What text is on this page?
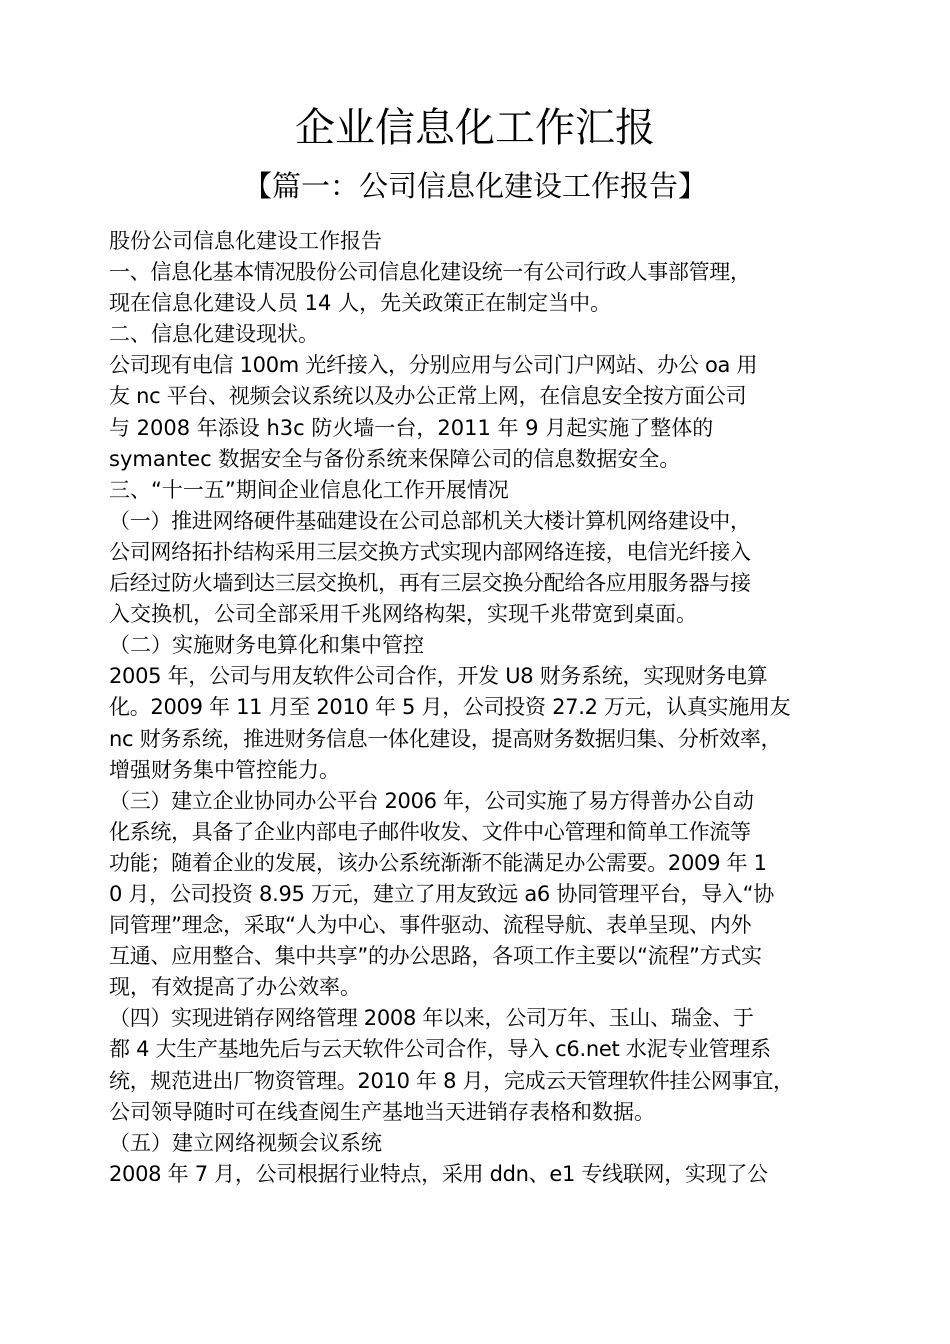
企业信息化工作汇报
【篇一：公司信息化建设工作报告】
股份公司信息化建设工作报告
一、信息化基本情况股份公司信息化建设统一有公司行政人事部管理，
现在信息化建设人员 14 人，先关政策正在制定当中。
二、信息化建设现状。
公司现有电信 100m 光纤接入，分别应用与公司门户网站、办公 oa 用
友 nc 平台、视频会议系统以及办公正常上网，在信息安全按方面公司
与 2008 年添设 h3c 防火墙一台，2011 年 9 月起实施了整体的
symantec 数据安全与备份系统来保障公司的信息数据安全。
三、“十一五”期间企业信息化工作开展情况
（一）推进网络硬件基础建设在公司总部机关大楼计算机网络建设中，
公司网络拓扑结构采用三层交换方式实现内部网络连接，电信光纤接入
后经过防火墙到达三层交换机，再有三层交换分配给各应用服务器与接
入交换机，公司全部采用千兆网络构架，实现千兆带宽到桌面。
（二）实施财务电算化和集中管控
2005 年，公司与用友软件公司合作，开发 U8 财务系统，实现财务电算
化。2009 年 11 月至 2010 年 5 月，公司投资 27.2 万元，认真实施用友
nc 财务系统，推进财务信息一体化建设，提高财务数据归集、分析效率，
增强财务集中管控能力。
（三）建立企业协同办公平台 2006 年，公司实施了易方得普办公自动
化系统，具备了企业内部电子邮件收发、文件中心管理和简单工作流等
功能；随着企业的发展，该办公系统渐渐不能满足办公需要。2009 年 1
0 月，公司投资 8.95 万元，建立了用友致远 a6 协同管理平台，导入“协
同管理”理念，采取“人为中心、事件驱动、流程导航、表单呈现、内外
互通、应用整合、集中共享”的办公思路，各项工作主要以“流程”方式实
现，有效提高了办公效率。
（四）实现进销存网络管理 2008 年以来，公司万年、玉山、瑞金、于
都 4 大生产基地先后与云天软件公司合作，导入 c6.net 水泥专业管理系
统，规范进出厂物资管理。2010 年 8 月，完成云天管理软件挂公网事宜，
公司领导随时可在线查阅生产基地当天进销存表格和数据。
（五）建立网络视频会议系统
2008 年 7 月，公司根据行业特点，采用 ddn、e1 专线联网，实现了公
